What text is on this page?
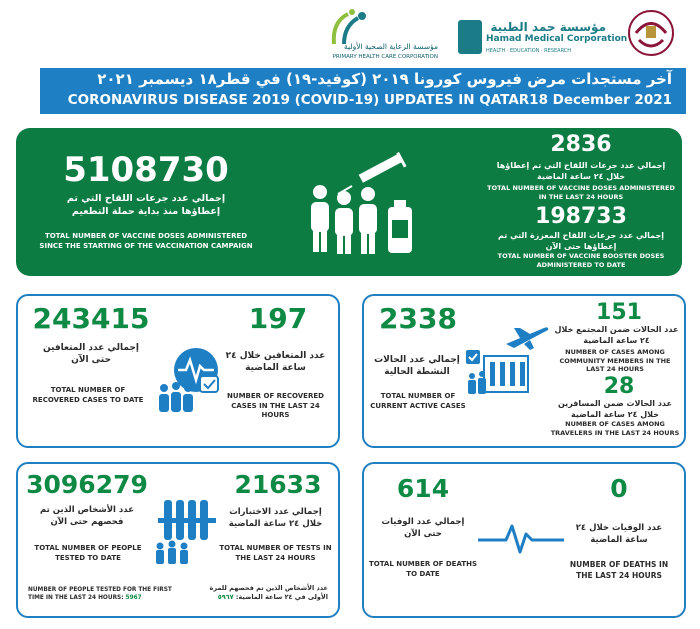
مؤسسة حمد الطبية
Hamad Medical Corporation
HEALTH · EDUCATION · RESEARCH
مؤسسة الرعاية الصحية الأولية
PRIMARY HEALTH CARE CORPORATION
آخر مستجدات مرض فيروس كورونا ٢٠١٩ (كوفيد-١٩) في قطر١٨ ديسمبر ٢٠٢١
CORONAVIRUS DISEASE 2019 (COVID-19) UPDATES IN QATAR18 December 2021
5108730
إجمالي عدد جرعات اللقاح التي تم إعطاؤها منذ بداية حملة التطعيم
TOTAL NUMBER OF VACCINE DOSES ADMINISTERED SINCE THE STARTING OF THE VACCINATION CAMPAIGN
2836
إجمالي عدد جرعات اللقاح التي تم إعطاؤها خلال ٢٤ ساعة الماضية
TOTAL NUMBER OF VACCINE DOSES ADMINISTERED IN THE LAST 24 HOURS
198733
إجمالي عدد جرعات اللقاح المعززة التي تم إعطاؤها حتى الآن
TOTAL NUMBER OF VACCINE BOOSTER DOSES ADMINISTERED TO DATE
243415
إجمالي عدد المتعافين حتى الآن
TOTAL NUMBER OF RECOVERED CASES TO DATE
197
عدد المتعافين خلال ٢٤ ساعة الماضية
NUMBER OF RECOVERED CASES IN THE LAST 24 HOURS
2338
إجمالي عدد الحالات النشطة الحالية
TOTAL NUMBER OF CURRENT ACTIVE CASES
151
عدد الحالات ضمن المجتمع خلال ٢٤ ساعة الماضية
NUMBER OF CASES AMONG COMMUNITY MEMBERS IN THE LAST 24 HOURS
28
عدد الحالات ضمن المسافرين خلال ٢٤ ساعة الماضية
NUMBER OF CASES AMONG TRAVELERS IN THE LAST 24 HOURS
3096279
عدد الأشخاص الذين تم فحصهم حتى الآن
TOTAL NUMBER OF PEOPLE TESTED TO DATE
21633
إجمالي عدد الاختبارات خلال ٢٤ ساعة الماضية
TOTAL NUMBER OF TESTS IN THE LAST 24 HOURS
NUMBER OF PEOPLE TESTED FOR THE FIRST TIME IN THE LAST 24 HOURS: 5967
عدد الأشخاص الذين تم فحصهم للمرة الأولى في ٢٤ ساعة الماضية: ٥٩٦٧
614
إجمالي عدد الوفيات حتى الآن
TOTAL NUMBER OF DEATHS TO DATE
0
عدد الوفيات خلال ٢٤ ساعة الماضية
NUMBER OF DEATHS IN THE LAST 24 HOURS
